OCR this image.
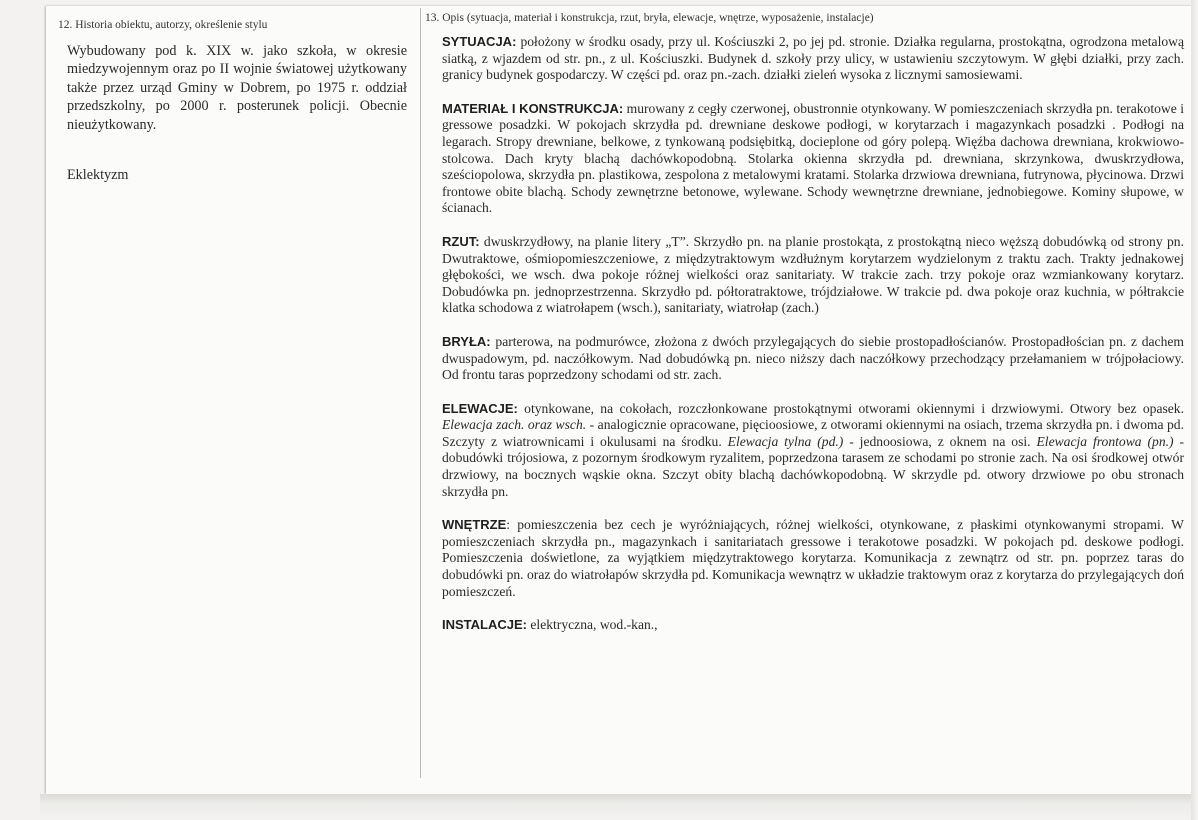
12. Historia obiektu, autorzy, określenie stylu

Wybudowany pod k. XIX w. jako szkoła, w okresie miedzywojennym oraz po II wojnie światowej użytkowany także przez urząd Gminy w Dobrem, po 1975 r. oddział przedszkolny, po 2000 r. posterunek policji. Obecnie nieużytkowany.

Eklektyzm

13. Opis (sytuacja, materiał i konstrukcja, rzut, bryła, elewacje, wnętrze, wyposażenie, instalacje)

SYTUACJA: położony w środku osady, przy ul. Kościuszki 2, po jej pd. stronie. Działka regularna, prostokątna, ogrodzona metalową siatką, z wjazdem od str. pn., z ul. Kościuszki. Budynek d. szkoły przy ulicy, w ustawieniu szczytowym. W głębi działki, przy zach. granicy budynek gospodarczy. W części pd. oraz pn.-zach. działki zieleń wysoka z licznymi samosiewami.

MATERIAŁ I KONSTRUKCJA: murowany z cegły czerwonej, obustronnie otynkowany. W pomieszczeniach skrzydła pn. terakotowe i gressowe posadzki. W pokojach skrzydła pd. drewniane deskowe podłogi, w korytarzach i magazynkach posadzki . Podłogi na legarach. Stropy drewniane, belkowe, z tynkowaną podsiębitką, docieplone od góry polepą. Więźba dachowa drewniana, krokwiowo-stolcowa. Dach kryty blachą dachówkopodobną. Stolarka okienna skrzydła pd. drewniana, skrzynkowa, dwuskrzydłowa, sześciopolowa, skrzydła pn. plastikowa, zespolona z metalowymi kratami. Stolarka drzwiowa drewniana, futrynowa, płycinowa. Drzwi frontowe obite blachą. Schody zewnętrzne betonowe, wylewane. Schody wewnętrzne drewniane, jednobiegowe. Kominy słupowe, w ścianach.

RZUT: dwuskrzydłowy, na planie litery „T”. Skrzydło pn. na planie prostokąta, z prostokątną nieco węższą dobudówką od strony pn. Dwutraktowe, ośmiopomieszczeniowe, z międzytraktowym wzdłużnym korytarzem wydzielonym z traktu zach. Trakty jednakowej głębokości, we wsch. dwa pokoje różnej wielkości oraz sanitariaty. W trakcie zach. trzy pokoje oraz wzmiankowany korytarz. Dobudówka pn. jednoprzestrzenna. Skrzydło pd. półtoratraktowe, trójdziałowe. W trakcie pd. dwa pokoje oraz kuchnia, w półtrakcie klatka schodowa z wiatrołapem (wsch.), sanitariaty, wiatrołap (zach.)

BRYŁA: parterowa, na podmurówce, złożona z dwóch przylegających do siebie prostopadłościanów. Prostopadłościan pn. z dachem dwuspadowym, pd. naczółkowym. Nad dobudówką pn. nieco niższy dach naczółkowy przechodzący przełamaniem w trójpołaciowy. Od frontu taras poprzedzony schodami od str. zach.

ELEWACJE: otynkowane, na cokołach, rozczłonkowane prostokątnymi otworami okiennymi i drzwiowymi. Otwory bez opasek. Elewacja zach. oraz wsch. - analogicznie opracowane, pięcioosiowe, z otworami okiennymi na osiach, trzema skrzydła pn. i dwoma pd. Szczyty z wiatrownicami i okulusami na środku. Elewacja tylna (pd.) - jednoosiowa, z oknem na osi. Elewacja frontowa (pn.) - dobudówki trójosiowa, z pozornym środkowym ryzalitem, poprzedzona tarasem ze schodami po stronie zach. Na osi środkowej otwór drzwiowy, na bocznych wąskie okna. Szczyt obity blachą dachówkopodobną. W skrzydle pd. otwory drzwiowe po obu stronach skrzydła pn.

WNĘTRZE: pomieszczenia bez cech je wyróżniających, różnej wielkości, otynkowane, z płaskimi otynkowanymi stropami. W pomieszczeniach skrzydła pn., magazynkach i sanitariatach gressowe i terakotowe posadzki. W pokojach pd. deskowe podłogi. Pomieszczenia doświetlone, za wyjątkiem międzytraktowego korytarza. Komunikacja z zewnątrz od str. pn. poprzez taras do dobudówki pn. oraz do wiatrołapów skrzydła pd. Komunikacja wewnątrz w układzie traktowym oraz z korytarza do przylegających doń pomieszczeń.

INSTALACJE: elektryczna, wod.-kan.,
